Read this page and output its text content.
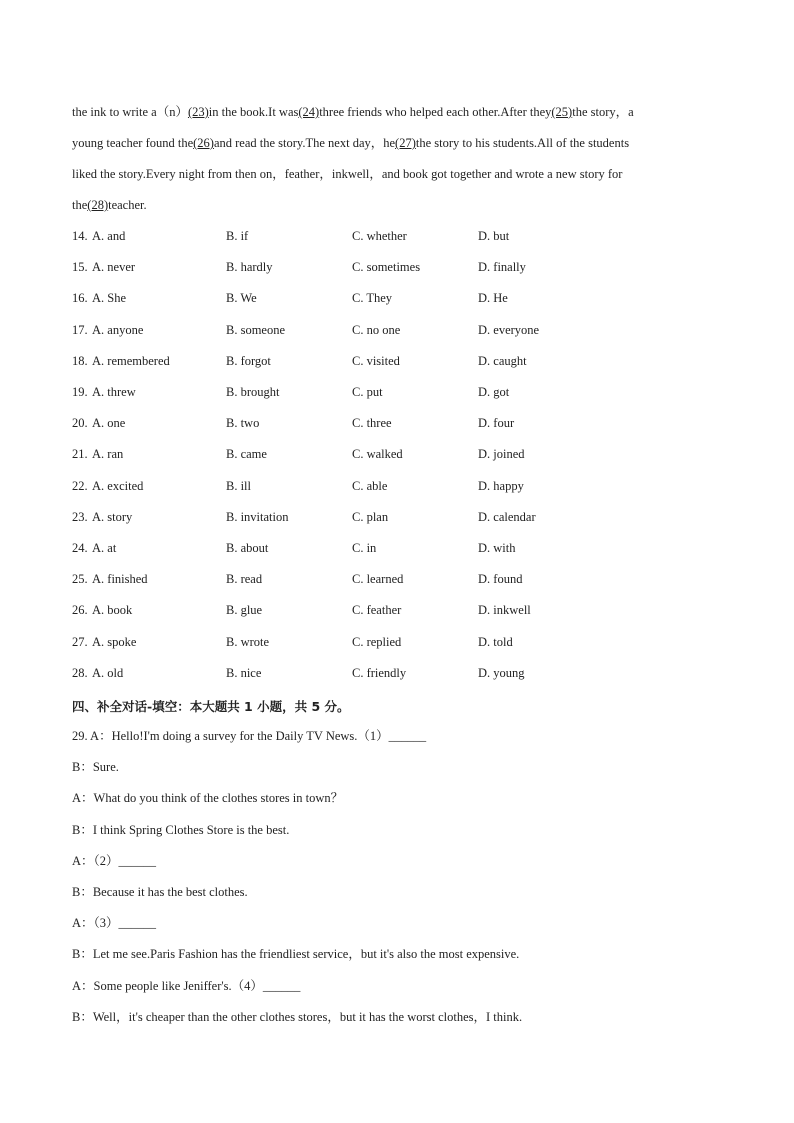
the ink to write a（n）(23)in the book.It was(24)three friends who helped each other.After they(25)the story，a
young teacher found the(26)and read the story.The next day，he(27)the story to his students.All of the students
liked the story.Every night from then on，feather，inkwell，and book got together and wrote a new story for
the(28)teacher.
14. A. and	B. if	C. whether	D. but
15. A. never	B. hardly	C. sometimes	D. finally
16. A. She	B. We	C. They	D. He
17. A. anyone	B. someone	C. no one	D. everyone
18. A. remembered	B. forgot	C. visited	D. caught
19. A. threw	B. brought	C. put	D. got
20. A. one	B. two	C. three	D. four
21. A. ran	B. came	C. walked	D. joined
22. A. excited	B. ill	C. able	D. happy
23. A. story	B. invitation	C. plan	D. calendar
24. A. at	B. about	C. in	D. with
25. A. finished	B. read	C. learned	D. found
26. A. book	B. glue	C. feather	D. inkwell
27. A. spoke	B. wrote	C. replied	D. told
28. A. old	B. nice	C. friendly	D. young
四、补全对话-填空：本大题共 1 小题，共 5 分。
29. A：Hello!I'm doing a survey for the Daily TV News.（1）______
B：Sure.
A：What do you think of the clothes stores in town？
B：I think Spring Clothes Store is the best.
A：（2）______
B：Because it has the best clothes.
A：（3）______
B：Let me see.Paris Fashion has the friendliest service，but it's also the most expensive.
A：Some people like Jeniffer's.（4）______
B：Well，it's cheaper than the other clothes stores，but it has the worst clothes，I think.
